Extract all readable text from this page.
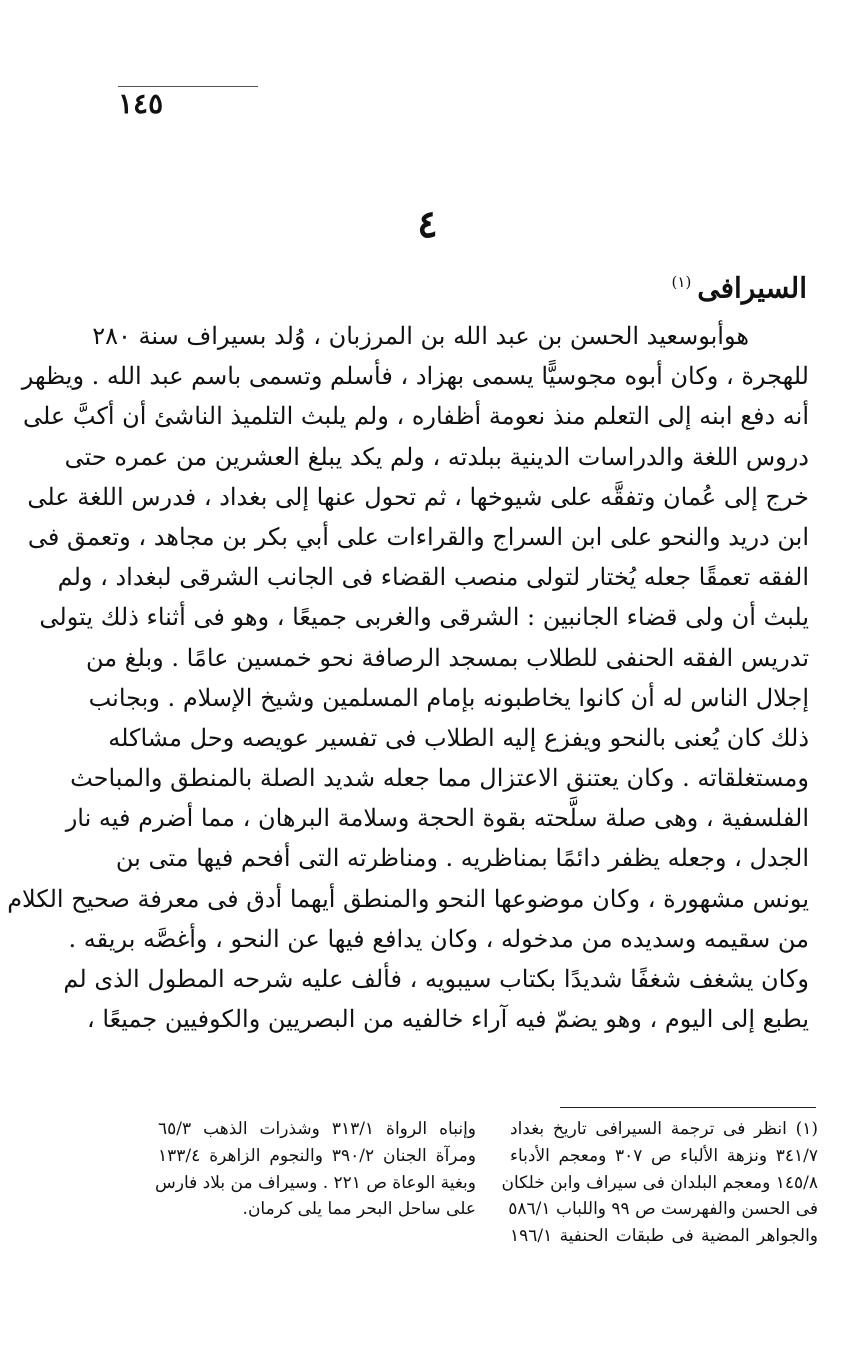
١٤٥
٤
السيرافى$^{(١)}$
هوأبوسعيد الحسن بن عبد الله بن المرزبان ، وُلد بسيراف سنة ٢٨٠
للهجرة ، وكان أبوه مجوسيًّا يسمى بهزاد ، فأسلم وتسمى باسم عبد الله . ويظهر
أنه دفع ابنه إلى التعلم منذ نعومة أظفاره ، ولم يلبث التلميذ الناشئ أن أكبَّ على
دروس اللغة والدراسات الدينية ببلدته ، ولم يكد يبلغ العشرين من عمره حتى
خرج إلى عُمان وتفقَّه على شيوخها ، ثم تحول عنها إلى بغداد ، فدرس اللغة على
ابن دريد والنحو على ابن السراج والقراءات على أبي بكر بن مجاهد ، وتعمق فى
الفقه تعمقًا جعله يُختار لتولى منصب القضاء فى الجانب الشرقى لبغداد ، ولم
يلبث أن ولى قضاء الجانبين : الشرقى والغربى جميعًا ، وهو فى أثناء ذلك يتولى
تدريس الفقه الحنفى للطلاب بمسجد الرصافة نحو خمسين عامًا . وبلغ من
إجلال الناس له أن كانوا يخاطبونه بإمام المسلمين وشيخ الإسلام . وبجانب
ذلك كان يُعنى بالنحو ويفزع إليه الطلاب فى تفسير عويصه وحل مشاكله
ومستغلقاته . وكان يعتنق الاعتزال مما جعله شديد الصلة بالمنطق والمباحث
الفلسفية ، وهى صلة سلَّحته بقوة الحجة وسلامة البرهان ، مما أضرم فيه نار
الجدل ، وجعله يظفر دائمًا بمناظريه . ومناظرته التى أفحم فيها متى بن
يونس مشهورة ، وكان موضوعها النحو والمنطق أيهما أدق فى معرفة صحيح الكلام
من سقيمه وسديده من مدخوله ، وكان يدافع فيها عن النحو ، وأغصَّه بريقه .
وكان يشغف شغفًا شديدًا بكتاب سيبويه ، فألف عليه شرحه المطول الذى لم
يطبع إلى اليوم ، وهو يضمّ فيه آراء خالفيه من البصريين والكوفيين جميعًا ،
(١) انظر فى ترجمة السيرافى تاريخ بغداد
٣٤١/٧ ونزهة الألباء ص ٣٠٧ ومعجم الأدباء
١٤٥/٨ ومعجم البلدان فى سيراف وابن خلكان
فى الحسن والفهرست ص ٩٩ واللباب ٥٨٦/١
والجواهر المضية فى طبقات الحنفية ١٩٦/١
وإنباه الرواة ٣١٣/١ وشذرات الذهب ٦٥/٣
ومرآة الجنان ٣٩٠/٢ والنجوم الزاهرة ١٣٣/٤
وبغية الوعاة ص ٢٢١ . وسيراف من بلاد فارس
على ساحل البحر مما يلى كرمان.
